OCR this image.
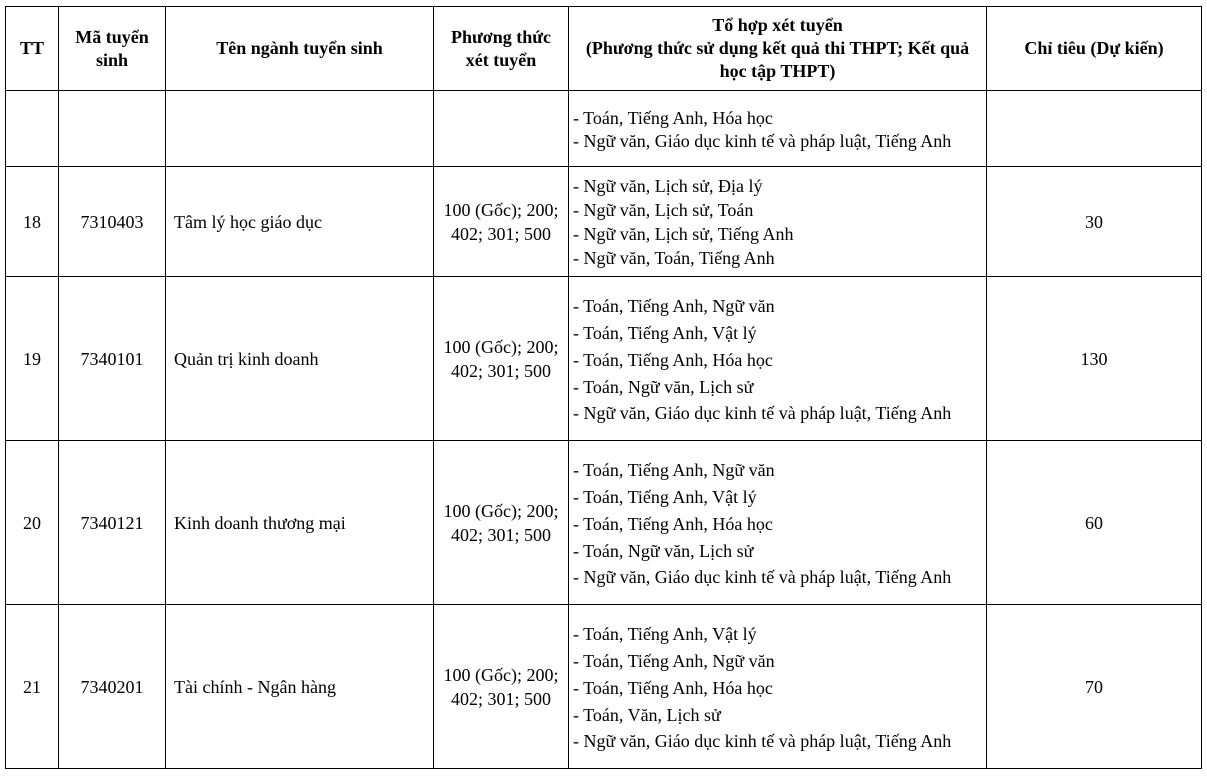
TT	Mã tuyển sinh	Tên ngành tuyển sinh	Phương thức xét tuyển	Tổ hợp xét tuyển
(Phương thức sử dụng kết quả thi THPT; Kết quả học tập THPT)	Chỉ tiêu (Dự kiến)

				- Toán, Tiếng Anh, Hóa học
- Ngữ văn, Giáo dục kinh tế và pháp luật, Tiếng Anh	

18	7310403	Tâm lý học giáo dục	100 (Gốc); 200; 402; 301; 500	- Ngữ văn, Lịch sử, Địa lý
- Ngữ văn, Lịch sử, Toán
- Ngữ văn, Lịch sử, Tiếng Anh
- Ngữ văn, Toán, Tiếng Anh	30
19	7340101	Quản trị kinh doanh	100 (Gốc); 200; 402; 301; 500	- Toán, Tiếng Anh, Ngữ văn
- Toán, Tiếng Anh, Vật lý
- Toán, Tiếng Anh, Hóa học
- Toán, Ngữ văn, Lịch sử
- Ngữ văn, Giáo dục kinh tế và pháp luật, Tiếng Anh	130
20	7340121	Kinh doanh thương mại	100 (Gốc); 200; 402; 301; 500	- Toán, Tiếng Anh, Ngữ văn
- Toán, Tiếng Anh, Vật lý
- Toán, Tiếng Anh, Hóa học
- Toán, Ngữ văn, Lịch sử
- Ngữ văn, Giáo dục kinh tế và pháp luật, Tiếng Anh	60
21	7340201	Tài chính - Ngân hàng	100 (Gốc); 200; 402; 301; 500	- Toán, Tiếng Anh, Vật lý
- Toán, Tiếng Anh, Ngữ văn
- Toán, Tiếng Anh, Hóa học
- Toán, Văn, Lịch sử
- Ngữ văn, Giáo dục kinh tế và pháp luật, Tiếng Anh	70
